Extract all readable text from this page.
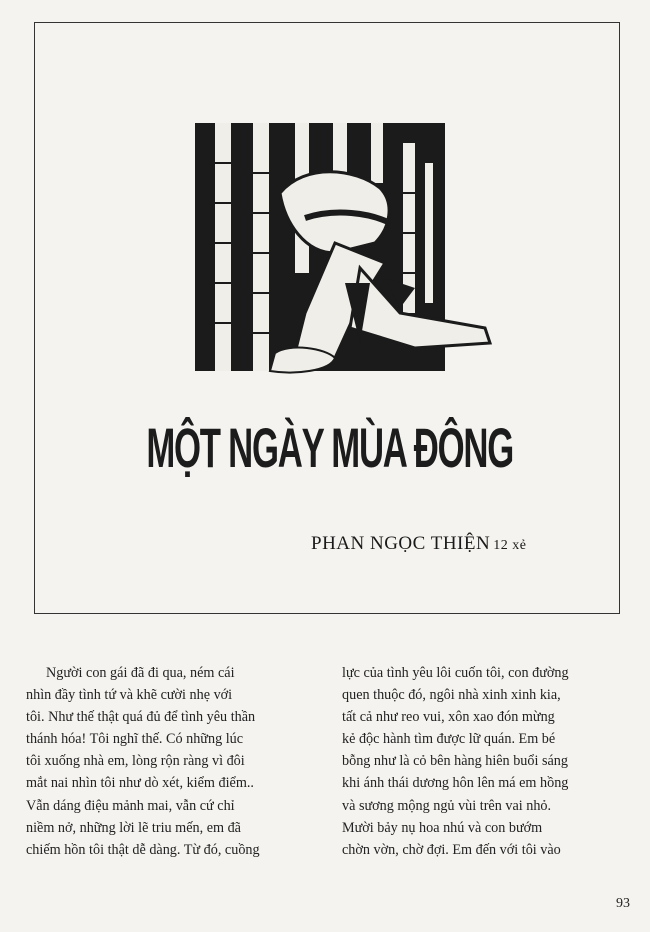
MỘT NGÀY MÙA ĐÔNG
PHAN NGỌC THIỆN 12 xẻ
Người con gái đã đi qua, ném cái
nhìn đầy tình tứ và khẽ cười nhẹ với
tôi. Như thế thật quá đủ để tình yêu thần
thánh hóa! Tôi nghĩ thế. Có những lúc
tôi xuống nhà em, lòng rộn ràng vì đôi
mắt nai nhìn tôi như dò xét, kiểm điểm..
Vẫn dáng điệu mảnh mai, vẫn cứ chỉ
niềm nở, những lời lẽ triu mến, em đã
chiếm hồn tôi thật dễ dàng. Từ đó, cuồng
lực của tình yêu lôi cuốn tôi, con đường
quen thuộc đó, ngôi nhà xinh xinh kia,
tất cả như reo vui, xôn xao đón mừng
kẻ độc hành tìm được lữ quán. Em bé
bỗng như là cỏ bên hàng hiên buổi sáng
khi ánh thái dương hôn lên má em hồng
và sương mộng ngủ vùi trên vai nhỏ.
Mười bảy nụ hoa nhú và con bướm
chờn vờn, chờ đợi. Em đến với tôi vào
93
